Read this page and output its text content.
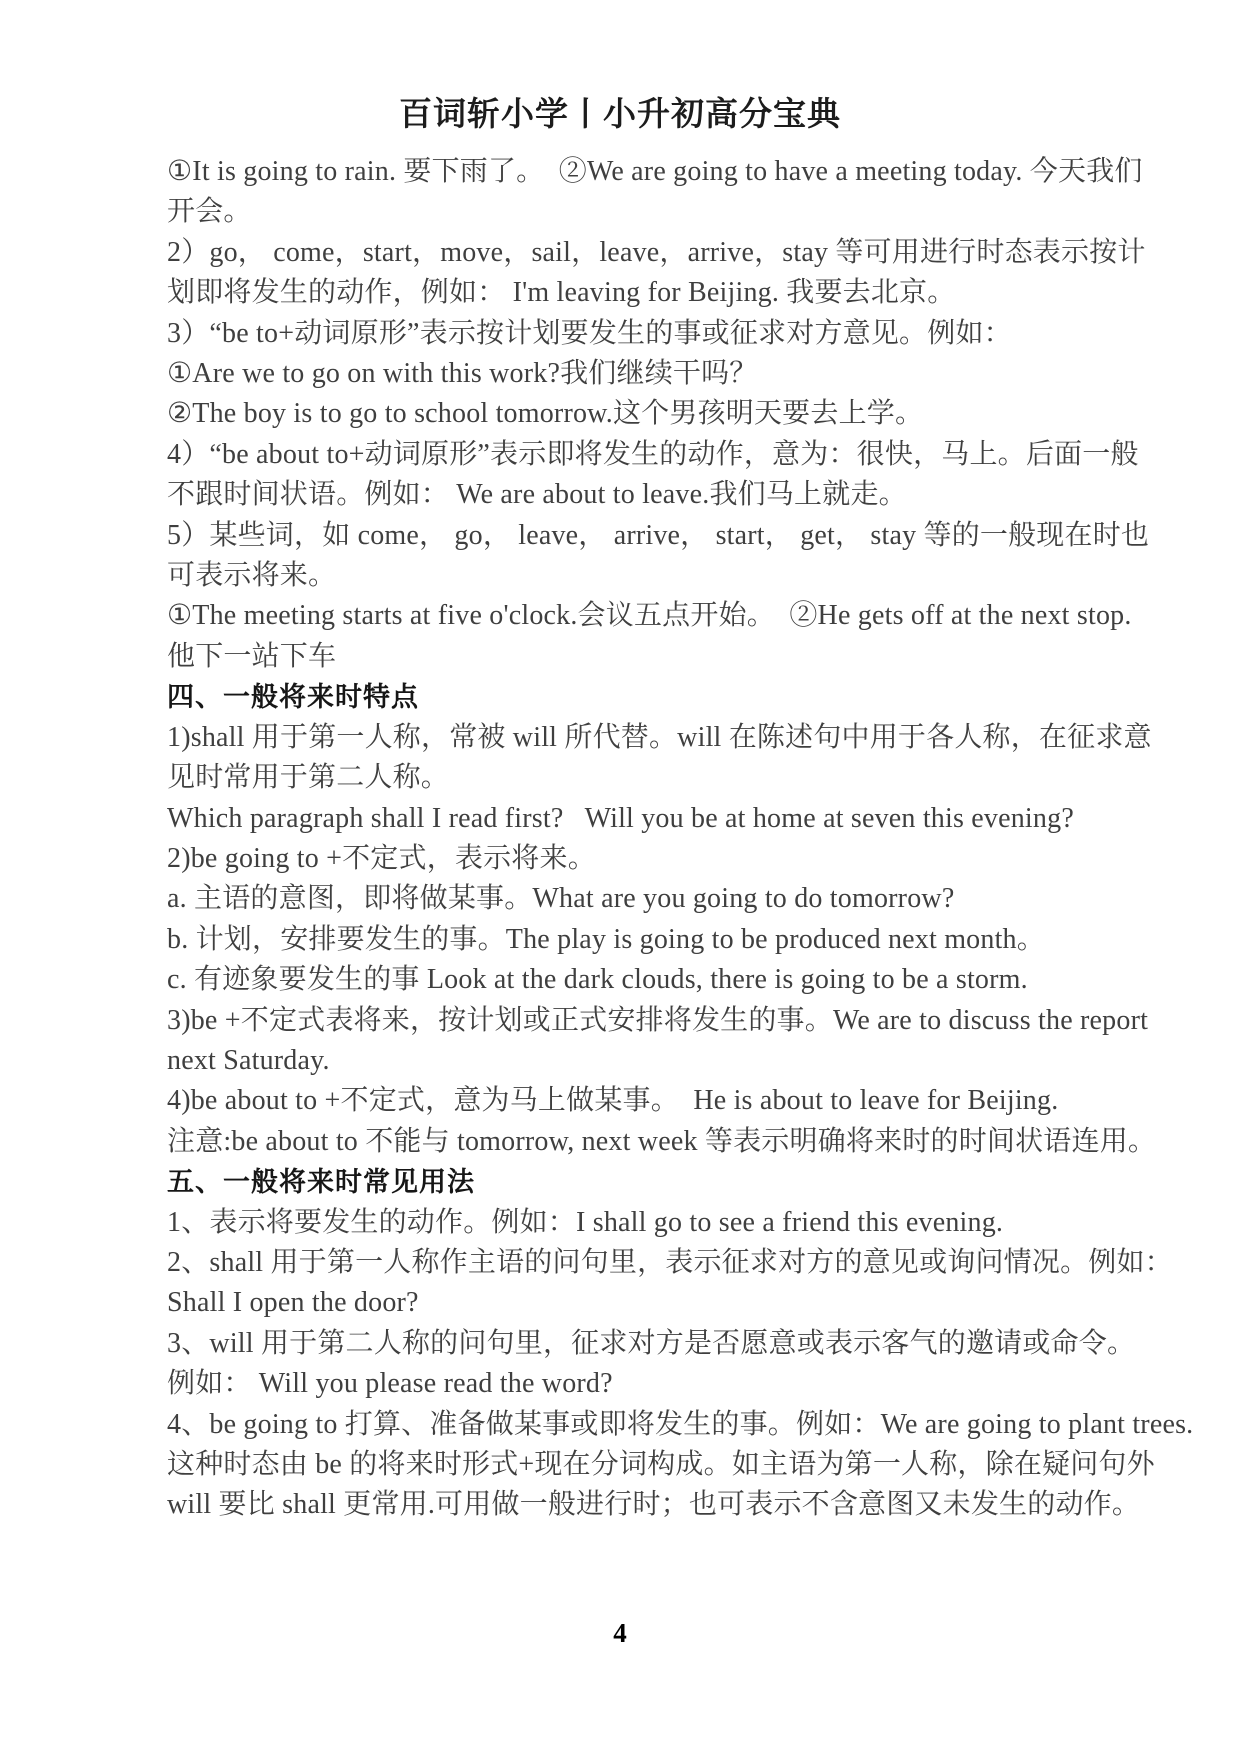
百词斩小学丨小升初高分宝典
①It is going to rain. 要下雨了。  ②We are going to have a meeting today. 今天我们
开会。
2）go， come，start，move，sail，leave，arrive，stay 等可用进行时态表示按计
划即将发生的动作，例如： I'm leaving for Beijing. 我要去北京。
3）“be to+动词原形”表示按计划要发生的事或征求对方意见。例如：
①Are we to go on with this work?我们继续干吗？
②The boy is to go to school tomorrow.这个男孩明天要去上学。
4）“be about to+动词原形”表示即将发生的动作，意为：很快，马上。后面一般
不跟时间状语。例如： We are about to leave.我们马上就走。
5）某些词，如 come， go， leave， arrive， start， get， stay 等的一般现在时也
可表示将来。
①The meeting starts at five o'clock.会议五点开始。  ②He gets off at the next stop.
他下一站下车
四、一般将来时特点
1)shall 用于第一人称，常被 will 所代替。will 在陈述句中用于各人称，在征求意
见时常用于第二人称。
Which paragraph shall I read first?   Will you be at home at seven this evening?
2)be going to +不定式，表示将来。
a. 主语的意图，即将做某事。What are you going to do tomorrow?
b. 计划，安排要发生的事。The play is going to be produced next month。
c. 有迹象要发生的事 Look at the dark clouds, there is going to be a storm.
3)be +不定式表将来，按计划或正式安排将发生的事。We are to discuss the report
next Saturday.
4)be about to +不定式，意为马上做某事。  He is about to leave for Beijing.
注意:be about to 不能与 tomorrow, next week 等表示明确将来时的时间状语连用。
五、一般将来时常见用法
1、表示将要发生的动作。例如：I shall go to see a friend this evening.
2、shall 用于第一人称作主语的问句里，表示征求对方的意见或询问情况。例如：
Shall I open the door?
3、will 用于第二人称的问句里，征求对方是否愿意或表示客气的邀请或命令。
例如： Will you please read the word?
4、be going to 打算、准备做某事或即将发生的事。例如：We are going to plant trees.
这种时态由 be 的将来时形式+现在分词构成。如主语为第一人称，除在疑问句外
will 要比 shall 更常用.可用做一般进行时；也可表示不含意图又未发生的动作。
4
